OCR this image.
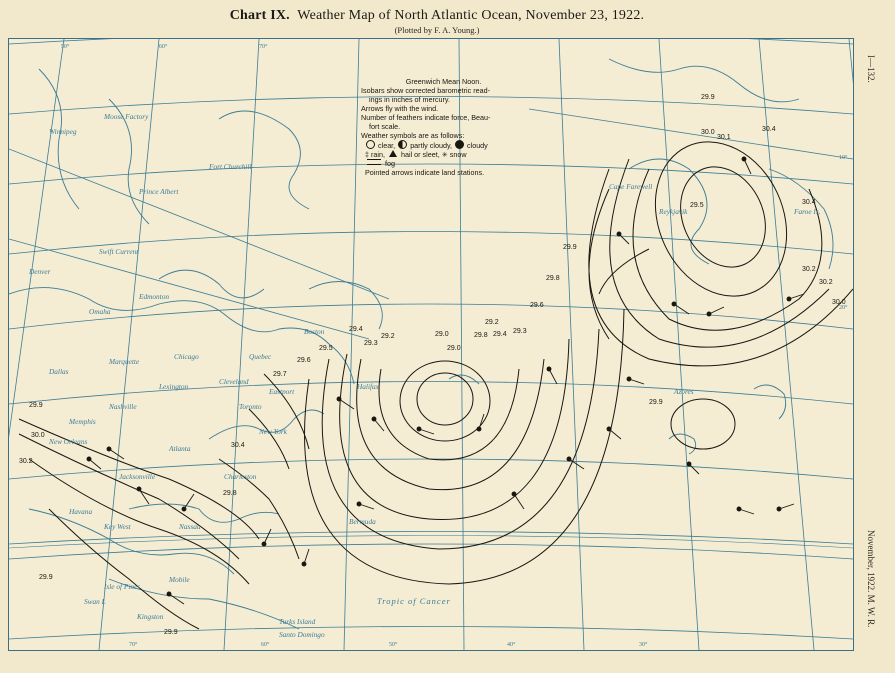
Chart IX. Weather Map of North Atlantic Ocean, November 23, 1922.
(Plotted by F. A. Young.)
Tropic of Cancer
29.9
30.0
30.2
30.4
29.8
29.7
29.6
29.5
29.4
29.3
29.2	29.0	29.8
29.2
29.4 29.3
29.6
29.8
29.9
29.0
29.9
29.9
30.0
30.1
30.4
29.5	30.4
30.2
30.2
30.0
29.9
29.9
Edmonton
Omaha
Dallas
Marquette
Chicago
Cleveland
Lexington
Nashville
Atlanta
Memphis
New Orleans
Jacksonville
Key West
Havana
Nassau
Bermuda
Halifax
New York
Charleston
Toronto
Quebec
Eastport
Swan I.
Kingston
Turks Island
Santo Domingo
Isle of Pines
Mobile
Azores
Reykjavik
Cape Farewell
Faroe Is.
Fort Churchill
Moose Factory
Winnipeg
Prince Albert
Swift Current
Denver
Boston
50°	60°	70°
70°	60°	50°	40°	30°
20°
10°
Greenwich Mean Noon.
Isobars show corrected barometric read-
ings in inches of mercury.
Arrows fly with the wind.
Number of feathers indicate force, Beau-
fort scale.
Weather symbols are as follows:
clear, partly cloudy, cloudy
‡ rain, hail or sleet, ✳ snow
fog
Pointed arrows indicate land stations.
I—132.
November, 1922. M. W. R.
